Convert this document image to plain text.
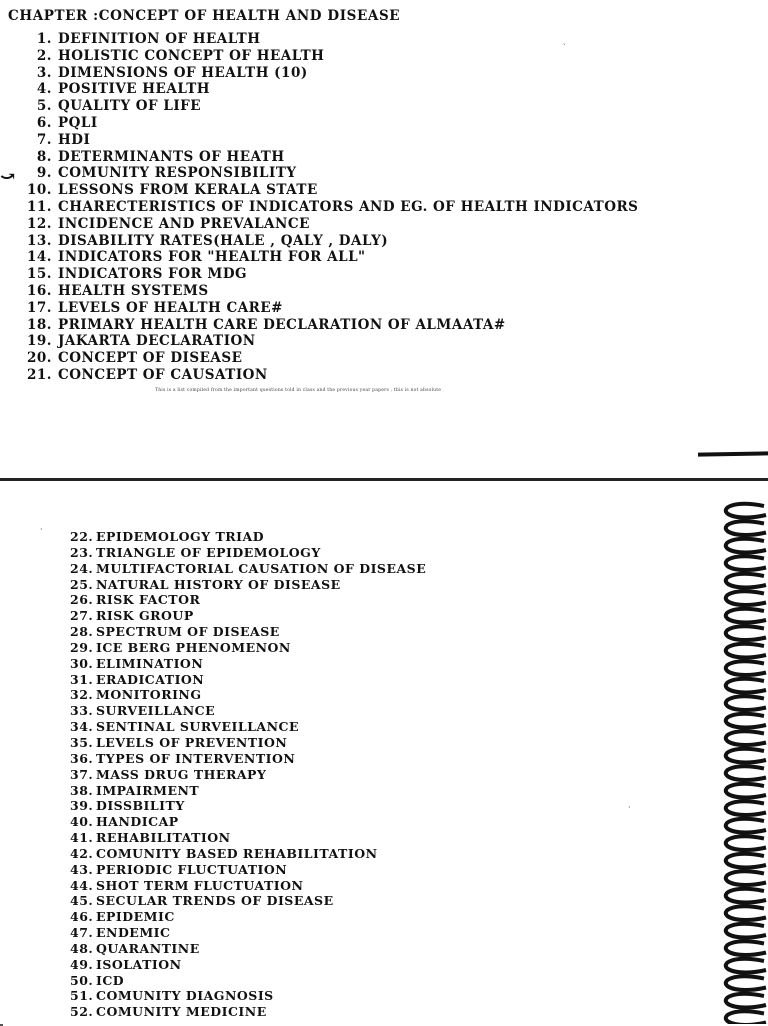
CHAPTER :CONCEPT OF HEALTH AND DISEASE
⤻
ˏ
1. DEFINITION OF HEALTH
2. HOLISTIC CONCEPT OF HEALTH
3. DIMENSIONS OF HEALTH (10)
4. POSITIVE HEALTH
5. QUALITY OF LIFE
6. PQLI
7. HDI
8. DETERMINANTS OF HEATH
9. COMUNITY RESPONSIBILITY
10. LESSONS FROM KERALA STATE
11. CHARECTERISTICS OF INDICATORS AND EG. OF HEALTH INDICATORS
12. INCIDENCE AND PREVALANCE
13. DISABILITY RATES(HALE , QALY , DALY)
14. INDICATORS FOR "HEALTH FOR ALL"
15. INDICATORS FOR MDG
16. HEALTH SYSTEMS
17. LEVELS OF HEALTH CARE#
18. PRIMARY HEALTH CARE DECLARATION OF ALMAATA#
19. JAKARTA DECLARATION
20. CONCEPT OF DISEASE
21. CONCEPT OF CAUSATION
This is a list compiled from the important questions told in class and the previous year papers , this is not absolute
·
·
22. EPIDEMOLOGY TRIAD
23. TRIANGLE OF EPIDEMOLOGY
24. MULTIFACTORIAL CAUSATION OF DISEASE
25. NATURAL HISTORY OF DISEASE
26. RISK FACTOR
27. RISK GROUP
28. SPECTRUM OF DISEASE
29. ICE BERG PHENOMENON
30. ELIMINATION
31. ERADICATION
32. MONITORING
33. SURVEILLANCE
34. SENTINAL SURVEILLANCE
35. LEVELS OF PREVENTION
36. TYPES OF INTERVENTION
37. MASS DRUG THERAPY
38. IMPAIRMENT
39. DISSBILITY
40. HANDICAP
41. REHABILITATION
42. COMUNITY BASED REHABILITATION
43. PERIODIC FLUCTUATION
44. SHOT TERM FLUCTUATION
45. SECULAR TRENDS OF DISEASE
46. EPIDEMIC
47. ENDEMIC
48. QUARANTINE
49. ISOLATION
50. ICD
51. COMUNITY DIAGNOSIS
52. COMUNITY MEDICINE
